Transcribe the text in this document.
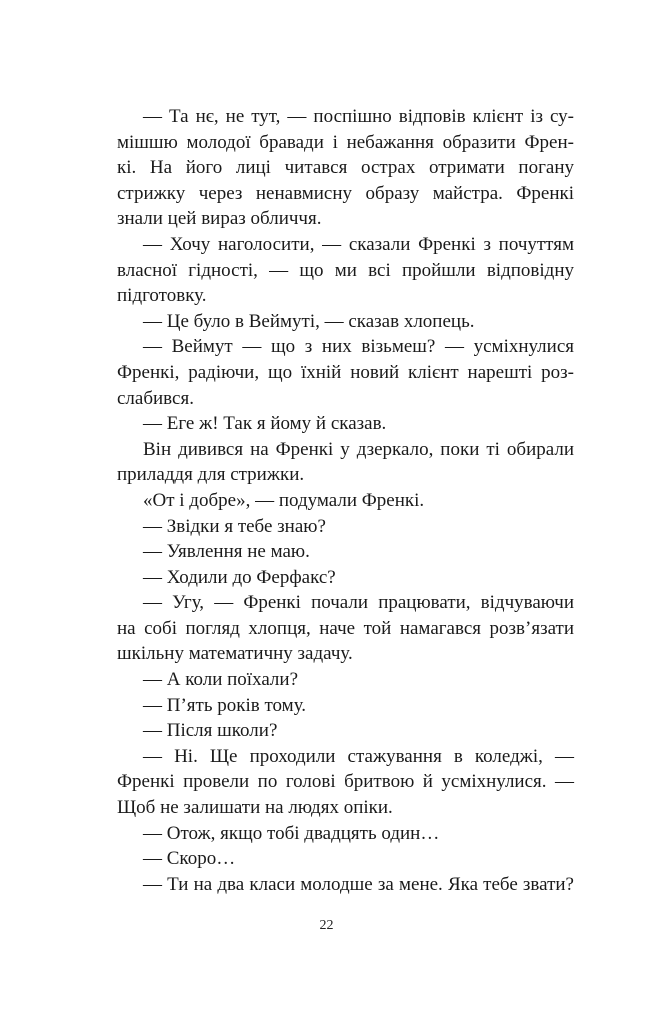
— Та нє, не тут, — поспішно відповів клієнт із су-
мішшю молодої бравади і небажання образити Френ-
кі. На його лиці читався острах отримати погану
стрижку через ненавмисну образу майстра. Френкі
знали цей вираз обличчя.
— Хочу наголосити, — сказали Френкі з почуттям
власної гідності, — що ми всі пройшли відповідну
підготовку.
— Це було в Веймуті, — сказав хлопець.
— Веймут — що з них візьмеш? — усміхнулися
Френкі, радіючи, що їхній новий клієнт нарешті роз-
слабився.
— Еге ж! Так я йому й сказав.
Він дивився на Френкі у дзеркало, поки ті обирали
приладдя для стрижки.
«От і добре», — подумали Френкі.
— Звідки я тебе знаю?
— Уявлення не маю.
— Ходили до Ферфакс?
— Угу, — Френкі почали працювати, відчуваючи
на собі погляд хлопця, наче той намагався розв’язати
шкільну математичну задачу.
— А коли поїхали?
— П’ять років тому.
— Після школи?
— Ні. Ще проходили стажування в коледжі, —
Френкі провели по голові бритвою й усміхнулися. —
Щоб не залишати на людях опіки.
— Отож, якщо тобі двадцять один…
— Скоро…
— Ти на два класи молодше за мене. Яка тебе звати?
22
